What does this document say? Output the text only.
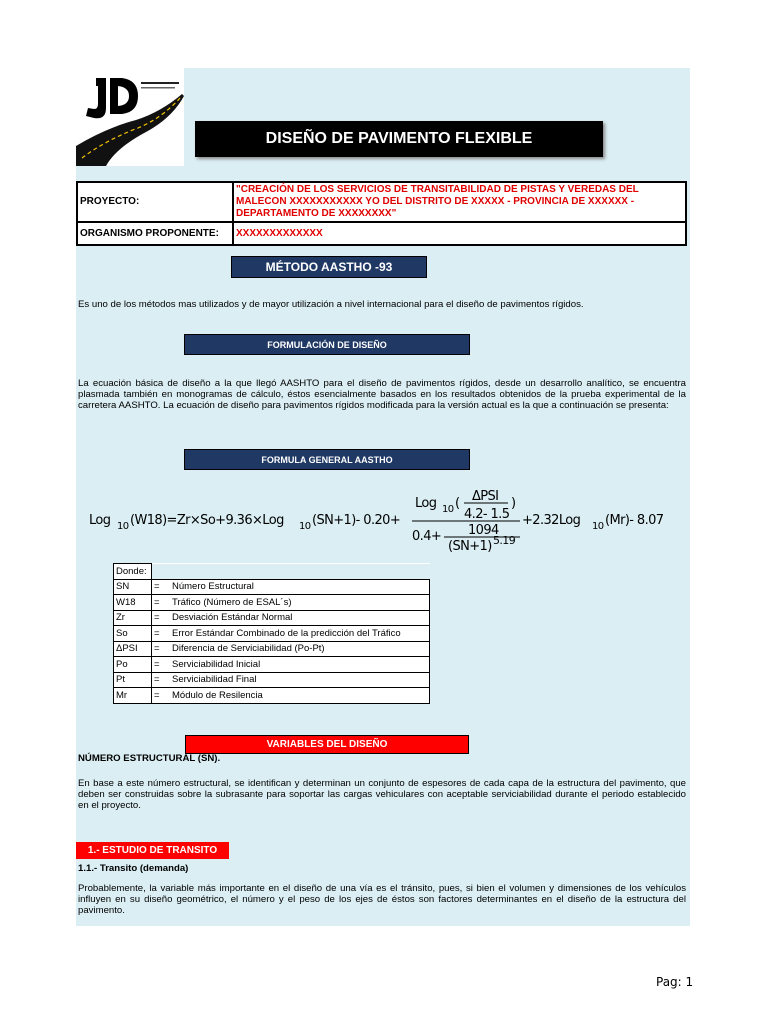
DISEÑO DE PAVIMENTO FLEXIBLE
PROYECTO:	"CREACIÓN DE LOS SERVICIOS DE TRANSITABILIDAD DE PISTAS Y VEREDAS DEL MALECON XXXXXXXXXXX YO DEL DISTRITO DE XXXXX - PROVINCIA DE XXXXXX - DEPARTAMENTO DE XXXXXXXX"
ORGANISMO PROPONENTE:	XXXXXXXXXXXXX
MÉTODO AASTHO -93
Es uno de los métodos mas utilizados y de mayor utilización a nivel internacional para el diseño de pavimentos rígidos.
FORMULACIÓN DE DISEÑO
La ecuación básica de diseño a la que llegó AASHTO para el diseño de pavimentos rígidos, desde un desarrollo analítico, se encuentra plasmada también en monogramas de cálculo, éstos esencialmente basados en los resultados obtenidos de la prueba experimental de la carretera AASHTO. La ecuación de diseño para pavimentos rígidos modificada para la versión actual es la que a continuación se presenta:
FORMULA GENERAL AASTHO
Log 10 (W18)=Zr×So+9.36×Log 10 (SN+1)- 0.20+
Log 10 ( ΔPSI )
4.2- 1.5
1094
0.4+
(SN+1) 5.19
+2.32Log 10 (Mr)- 8.07
Donde:		
SN	=	Número Estructural
W18	=	Tráfico (Número de ESAL´s)
Zr	=	Desviación Estándar Normal
So	=	Error Estándar Combinado de la predicción del Tráfico
ΔPSI	=	Diferencia de Serviciabilidad (Po-Pt)
Po	=	Serviciabilidad Inicial
Pt	=	Serviciabilidad Final
Mr	=	Módulo de Resilencia
VARIABLES DEL DISEÑO
NÚMERO ESTRUCTURAL (SN).
En base a este número estructural, se identifican y determinan un conjunto de espesores de cada capa de la estructura del pavimento, que deben ser construidas sobre la subrasante para soportar las cargas vehiculares con aceptable serviciabilidad durante el periodo establecido en el proyecto.
1.- ESTUDIO DE TRANSITO
1.1.- Transito (demanda)
Probablemente, la variable más importante en el diseño de una vía es el tránsito, pues, si bien el volumen y dimensiones de los vehículos influyen en su diseño geométrico, el número y el peso de los ejes de éstos son factores determinantes en el diseño de la estructura del pavimento.
Pag: 1
